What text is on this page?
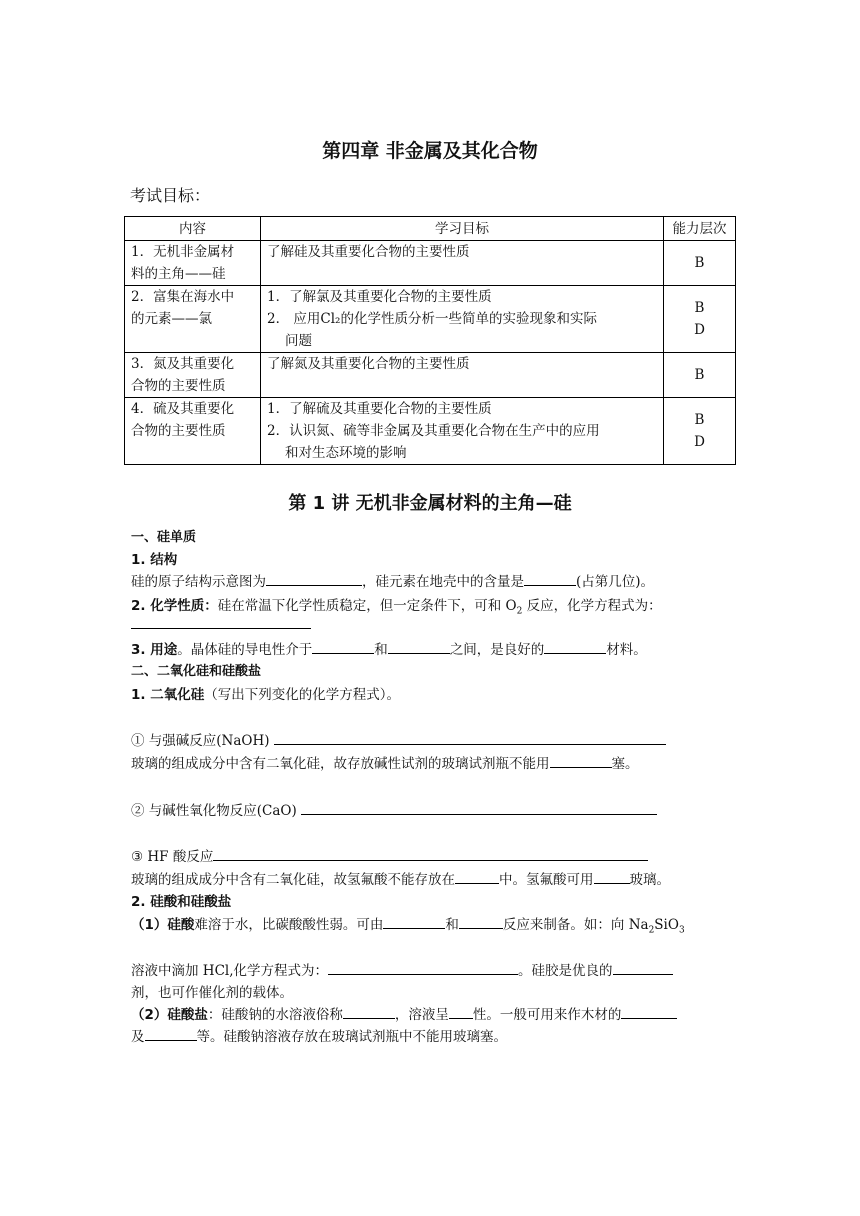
第四章 非金属及其化合物
考试目标：
内容	学习目标	能力层次

1．无机非金属材
料的主角——硅	了解硅及其重要化合物的主要性质	B

2．富集在海水中
的元素——氯	1．了解氯及其重要化合物的主要性质
2． 应用Cl₂的化学性质分析一些简单的实验现象和实际
问题	B
D

3．氮及其重要化
合物的主要性质	了解氮及其重要化合物的主要性质	B

4．硫及其重要化
合物的主要性质	1．了解硫及其重要化合物的主要性质
2．认识氮、硫等非金属及其重要化合物在生产中的应用
和对生态环境的影响	B
D
第 1 讲 无机非金属材料的主角—硅
一、硅单质
1. 结构
硅的原子结构示意图为	，硅元素在地壳中的含量是	(占第几位)。
2. 化学性质：硅在常温下化学性质稳定，但一定条件下，可和 $O_2$ 反应，化学方程式为：
3. 用途。晶体硅的导电性介于	和	之间，是良好的	材料。
二、二氧化硅和硅酸盐
1. 二氧化硅（写出下列变化的化学方程式）。
① 与强碱反应(NaOH)
玻璃的组成成分中含有二氧化硅，故存放碱性试剂的玻璃试剂瓶不能用	塞。
② 与碱性氧化物反应(CaO)
③ HF 酸反应
玻璃的组成成分中含有二氧化硅，故氢氟酸不能存放在	中。氢氟酸可用	玻璃。
2. 硅酸和硅酸盐
（1）硅酸难溶于水，比碳酸酸性弱。可由	和	反应来制备。如：向 $Na_2SiO_3$
溶液中滴加 HCl,化学方程式为：	。硅胶是优良的
剂，也可作催化剂的载体。
（2）硅酸盐：硅酸钠的水溶液俗称	，溶液呈 性。一般可用来作木材的
及	等。硅酸钠溶液存放在玻璃试剂瓶中不能用玻璃塞。
